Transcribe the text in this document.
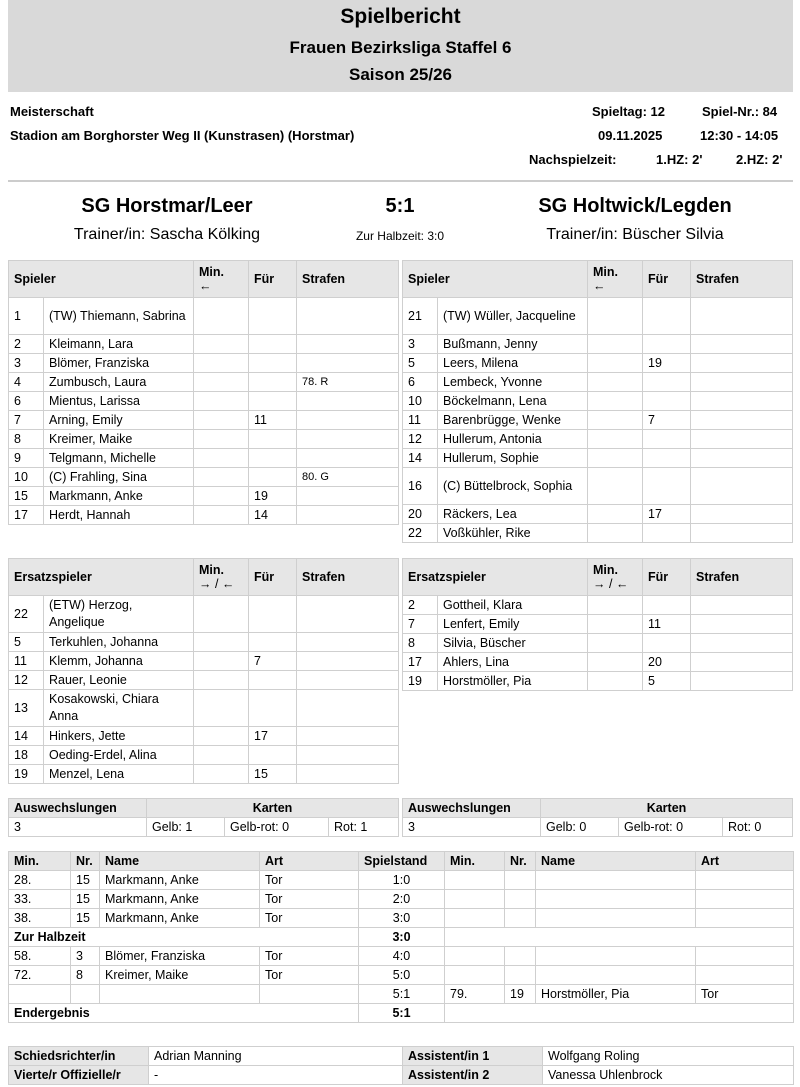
Spielbericht
Frauen Bezirksliga Staffel 6
Saison 25/26
Meisterschaft
Stadion am Borghorster Weg II (Kunstrasen) (Horstmar)
Spieltag: 12	Spiel-Nr.: 84
09.11.2025	12:30 - 14:05
Nachspielzeit:	1.HZ: 2'	2.HZ: 2'
SG Horstmar/Leer	5:1	SG Holtwick/Legden
Trainer/in: Sascha Kölking	Zur Halbzeit: 3:0	Trainer/in: Büscher Silvia
Spieler		Min.
←	Für	Strafen
1	(TW) Thiemann, Sabrina			
2	Kleimann, Lara			
3	Blömer, Franziska			
4	Zumbusch, Laura			78. R
6	Mientus, Larissa			
7	Arning, Emily		11	
8	Kreimer, Maike			
9	Telgmann, Michelle			
10	(C) Frahling, Sina			80. G
15	Markmann, Anke		19	
17	Herdt, Hannah		14	
Spieler		Min.
←	Für	Strafen
21	(TW) Wüller, Jacqueline			
3	Bußmann, Jenny			
5	Leers, Milena		19	
6	Lembeck, Yvonne			
10	Böckelmann, Lena			
11	Barenbrügge, Wenke		7	
12	Hullerum, Antonia			
14	Hullerum, Sophie			
16	(C) Büttelbrock, Sophia			
20	Räckers, Lea		17	
22	Voßkühler, Rike			
Ersatzspieler		Min.
→ / ←	Für	Strafen
22	(ETW) Herzog, Angelique			
5	Terkuhlen, Johanna			
11	Klemm, Johanna		7	
12	Rauer, Leonie			
13	Kosakowski, Chiara Anna			
14	Hinkers, Jette		17	
18	Oeding-Erdel, Alina			
19	Menzel, Lena		15	
Ersatzspieler		Min.
→ / ←	Für	Strafen
2	Gottheil, Klara			
7	Lenfert, Emily		11	
8	Silvia, Büscher			
17	Ahlers, Lina		20	
19	Horstmöller, Pia		5	
Auswechslungen	Karten		
3	Gelb: 1	Gelb-rot: 0	Rot: 1
Auswechslungen	Karten		
3	Gelb: 0	Gelb-rot: 0	Rot: 0
Min.	Nr.	Name	Art	Spielstand	Min.	Nr.	Name	Art
28.	15	Markmann, Anke	Tor	1:0				
33.	15	Markmann, Anke	Tor	2:0				
38.	15	Markmann, Anke	Tor	3:0				
Zur Halbzeit				3:0				
58.	3	Blömer, Franziska	Tor	4:0				
72.	8	Kreimer, Maike	Tor	5:0				
				5:1	79.	19	Horstmöller, Pia	Tor
Endergebnis				5:1				
Schiedsrichter/in	Adrian Manning	Assistent/in 1	Wolfgang Roling
Vierte/r Offizielle/r	-	Assistent/in 2	Vanessa Uhlenbrock
